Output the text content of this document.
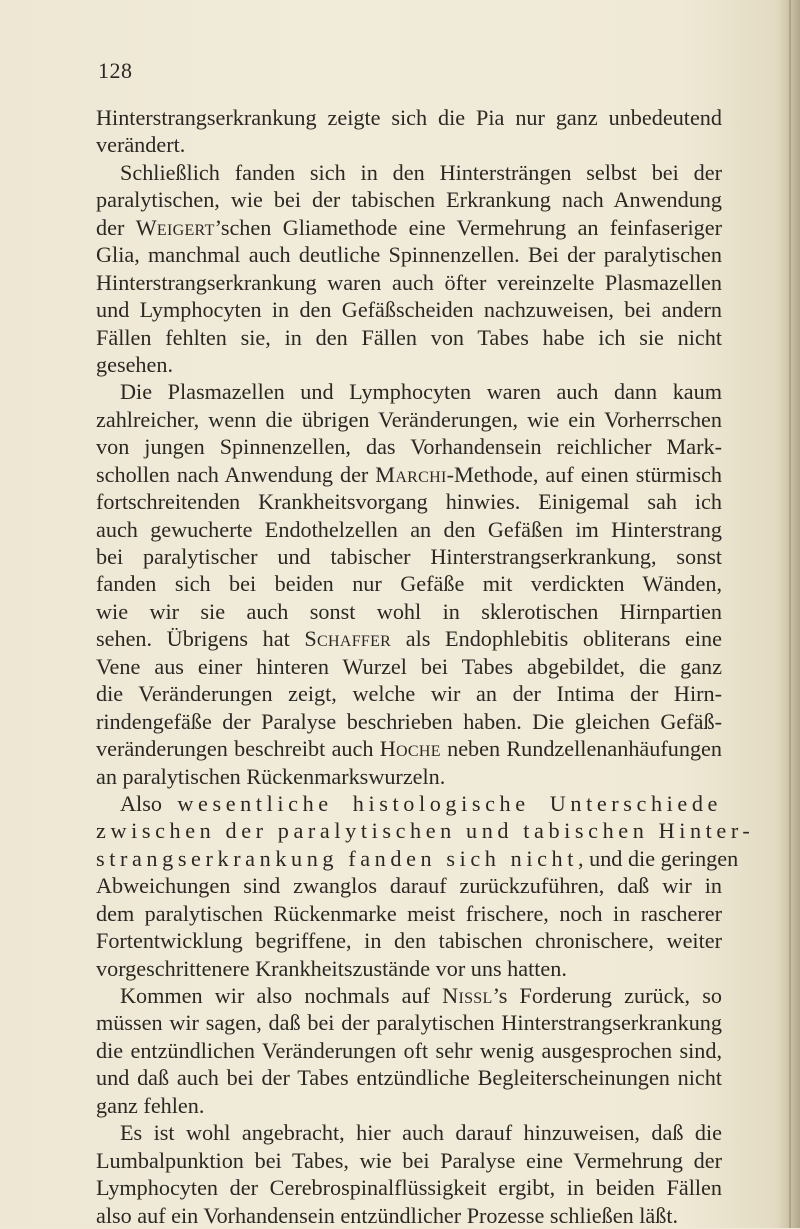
128
Hinterstrangserkrankung zeigte sich die Pia nur ganz unbedeutend
verändert.
Schließlich fanden sich in den Hintersträngen selbst bei der
paralytischen, wie bei der tabischen Erkrankung nach Anwendung
der Weigert’schen Gliamethode eine Vermehrung an feinfaseriger
Glia, manchmal auch deutliche Spinnenzellen. Bei der paralytischen
Hinterstrangserkrankung waren auch öfter vereinzelte Plasmazellen
und Lymphocyten in den Gefäßscheiden nachzuweisen, bei andern
Fällen fehlten sie, in den Fällen von Tabes habe ich sie nicht
gesehen.
Die Plasmazellen und Lymphocyten waren auch dann kaum
zahlreicher, wenn die übrigen Veränderungen, wie ein Vorherrschen
von jungen Spinnenzellen, das Vorhandensein reichlicher Mark-
schollen nach Anwendung der Marchi-Methode, auf einen stürmisch
fortschreitenden Krankheitsvorgang hinwies. Einigemal sah ich
auch gewucherte Endothelzellen an den Gefäßen im Hinterstrang
bei paralytischer und tabischer Hinterstrangserkrankung, sonst
fanden sich bei beiden nur Gefäße mit verdickten Wänden,
wie wir sie auch sonst wohl in sklerotischen Hirnpartien
sehen. Übrigens hat Schaffer als Endophlebitis obliterans eine
Vene aus einer hinteren Wurzel bei Tabes abgebildet, die ganz
die Veränderungen zeigt, welche wir an der Intima der Hirn-
rindengefäße der Paralyse beschrieben haben. Die gleichen Gefäß-
veränderungen beschreibt auch Hoche neben Rundzellenanhäufungen
an paralytischen Rückenmarkswurzeln.
Also wesentliche histologische Unterschiede
zwischen der paralytischen und tabischen Hinter-
strangserkrankung fanden sich nicht, und die geringen
Abweichungen sind zwanglos darauf zurückzuführen, daß wir in
dem paralytischen Rückenmarke meist frischere, noch in rascherer
Fortentwicklung begriffene, in den tabischen chronischere, weiter
vorgeschrittenere Krankheitszustände vor uns hatten.
Kommen wir also nochmals auf Nissl’s Forderung zurück, so
müssen wir sagen, daß bei der paralytischen Hinterstrangserkrankung
die entzündlichen Veränderungen oft sehr wenig ausgesprochen sind,
und daß auch bei der Tabes entzündliche Begleiterscheinungen nicht
ganz fehlen.
Es ist wohl angebracht, hier auch darauf hinzuweisen, daß die
Lumbalpunktion bei Tabes, wie bei Paralyse eine Vermehrung der
Lymphocyten der Cerebrospinalflüssigkeit ergibt, in beiden Fällen
also auf ein Vorhandensein entzündlicher Prozesse schließen läßt.
